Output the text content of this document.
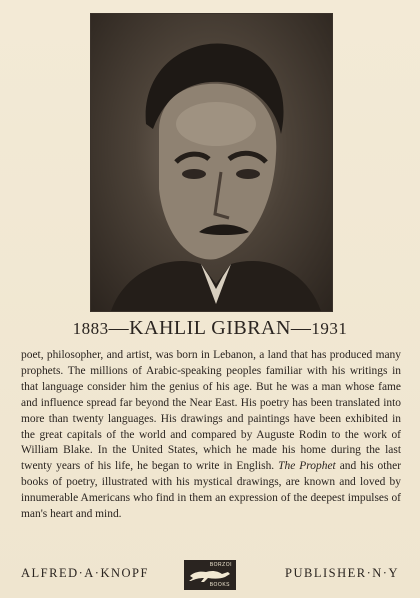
1883—KAHLIL GIBRAN—1931

poet, philosopher, and artist, was born in Lebanon, a land that has produced many prophets. The millions of Arabic-speaking peoples familiar with his writings in that language consider him the genius of his age. But he was a man whose fame and influence spread far beyond the Near East. His poetry has been translated into more than twenty languages. His drawings and paintings have been exhibited in the great capitals of the world and compared by Auguste Rodin to the work of William Blake. In the United States, which he made his home during the last twenty years of his life, he began to write in English. The Prophet and his other books of poetry, illustrated with his mystical drawings, are known and loved by innumerable Americans who find in them an expression of the deepest impulses of man's heart and mind.

ALFRED·A·KNOPF
BORZOI
BOOKS
PUBLISHER·N·Y
